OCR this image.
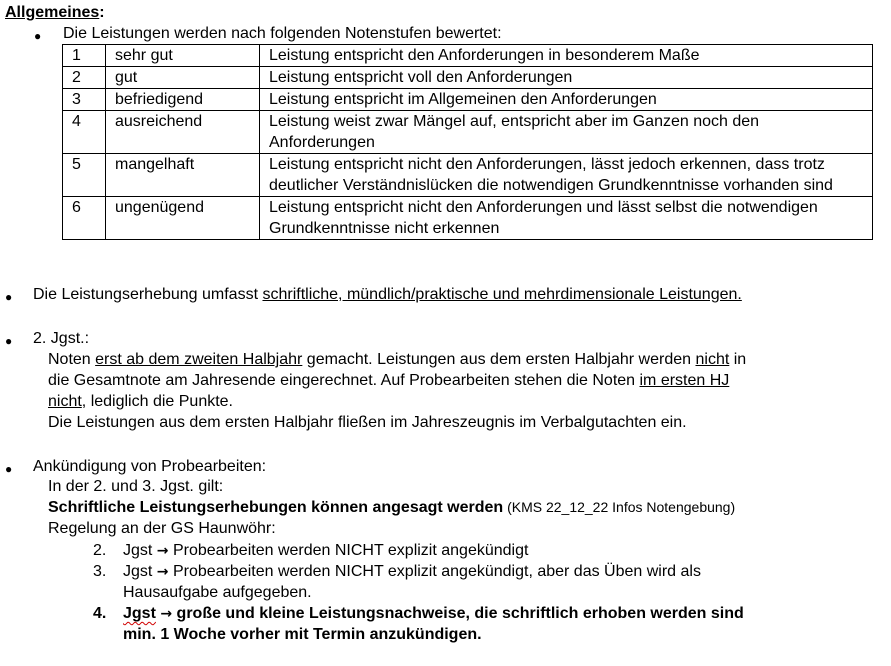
Allgemeines:
● Die Leistungen werden nach folgenden Notenstufen bewertet:
1	sehr gut	Leistung entspricht den Anforderungen in besonderem Maße
2	gut	Leistung entspricht voll den Anforderungen
3	befriedigend	Leistung entspricht im Allgemeinen den Anforderungen
4	ausreichend	Leistung weist zwar Mängel auf, entspricht aber im Ganzen noch den Anforderungen
5	mangelhaft	Leistung entspricht nicht den Anforderungen, lässt jedoch erkennen, dass trotz deutlicher Verständnislücken die notwendigen Grundkenntnisse vorhanden sind
6	ungenügend	Leistung entspricht nicht den Anforderungen und lässt selbst die notwendigen Grundkenntnisse nicht erkennen
● Die Leistungserhebung umfasst schriftliche, mündlich/praktische und mehrdimensionale Leistungen.
● 2. Jgst.:
Noten erst ab dem zweiten Halbjahr gemacht. Leistungen aus dem ersten Halbjahr werden nicht in
die Gesamtnote am Jahresende eingerechnet. Auf Probearbeiten stehen die Noten im ersten HJ
nicht, lediglich die Punkte.
Die Leistungen aus dem ersten Halbjahr fließen im Jahreszeugnis im Verbalgutachten ein.
● Ankündigung von Probearbeiten:
In der 2. und 3. Jgst. gilt:
Schriftliche Leistungserhebungen können angesagt werden (KMS 22_12_22 Infos Notengebung)
Regelung an der GS Haunwöhr:
2. Jgst → Probearbeiten werden NICHT explizit angekündigt
3. Jgst → Probearbeiten werden NICHT explizit angekündigt, aber das Üben wird als
Hausaufgabe aufgegeben.
4. Jgst → große und kleine Leistungsnachweise, die schriftlich erhoben werden sind
min. 1 Woche vorher mit Termin anzukündigen.
